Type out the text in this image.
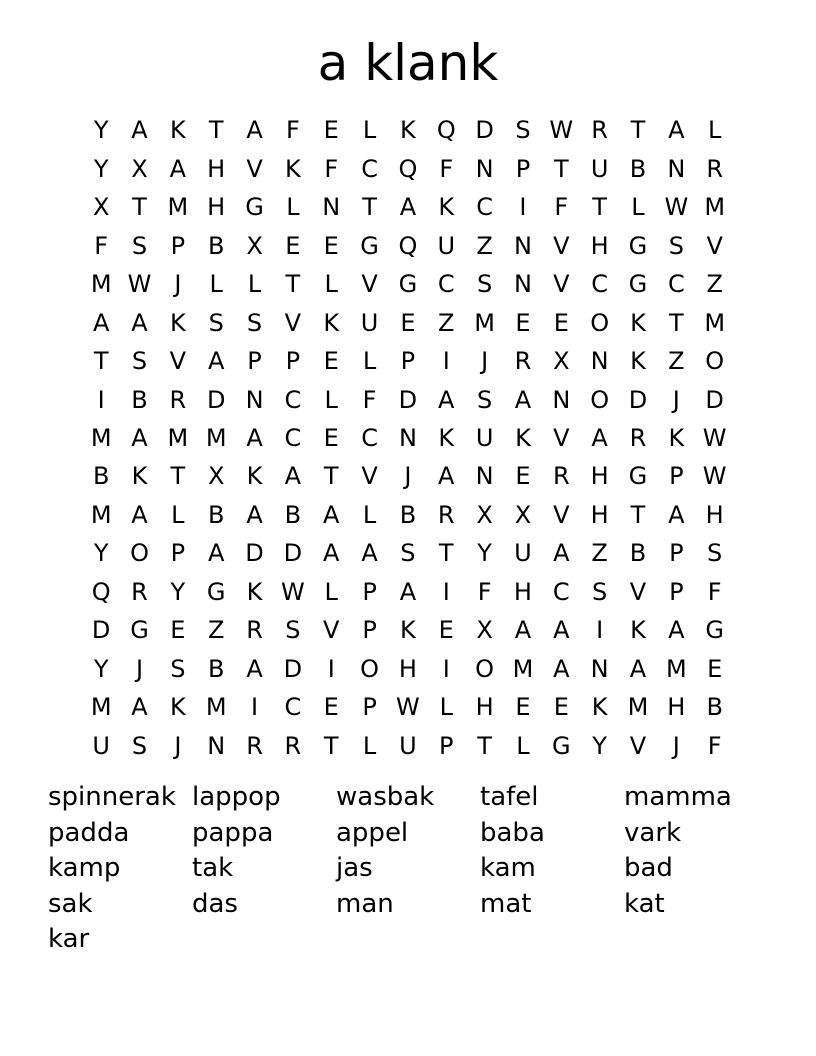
a klank
Y A K T A F E	L K Q D S W R T A L
Y X A H V K F C Q F N P T U B N R
X T M H G L N T A K C	I	F	T	L W M
F S P B X E E G Q U Z N V H G S V
M W J	L	L	T	L V G C S N V C G C Z
A A K S S V K U E Z M E E O K T M
T S V A P P E	L	P	I	J	R X N K Z O
I	B R D N C L	F D A S A N O D	J	D
M A M M A C E C N K U K V A R K W
B K T X K A T V	J	A N E R H G P W
M A L B A B A L B R X X V H T A H
Y O P A D D A A S T Y U A Z B P S
Q R Y G K W L	P A	I	F H C S V P	F
D G E Z R S V P K E X A A	I	K A G
Y	J	S B A D	I	O H	I	O M A N A M E
M A K M	I	C E P W L H E E K M H B
U S	J	N R R T	L U P T	L G Y V	J	F
spinnerak lappop	wasbak	tafel	mamma
padda	pappa	appel	baba	vark
kamp	tak	jas	kam	bad
sak	das	man	mat	kat
kar
